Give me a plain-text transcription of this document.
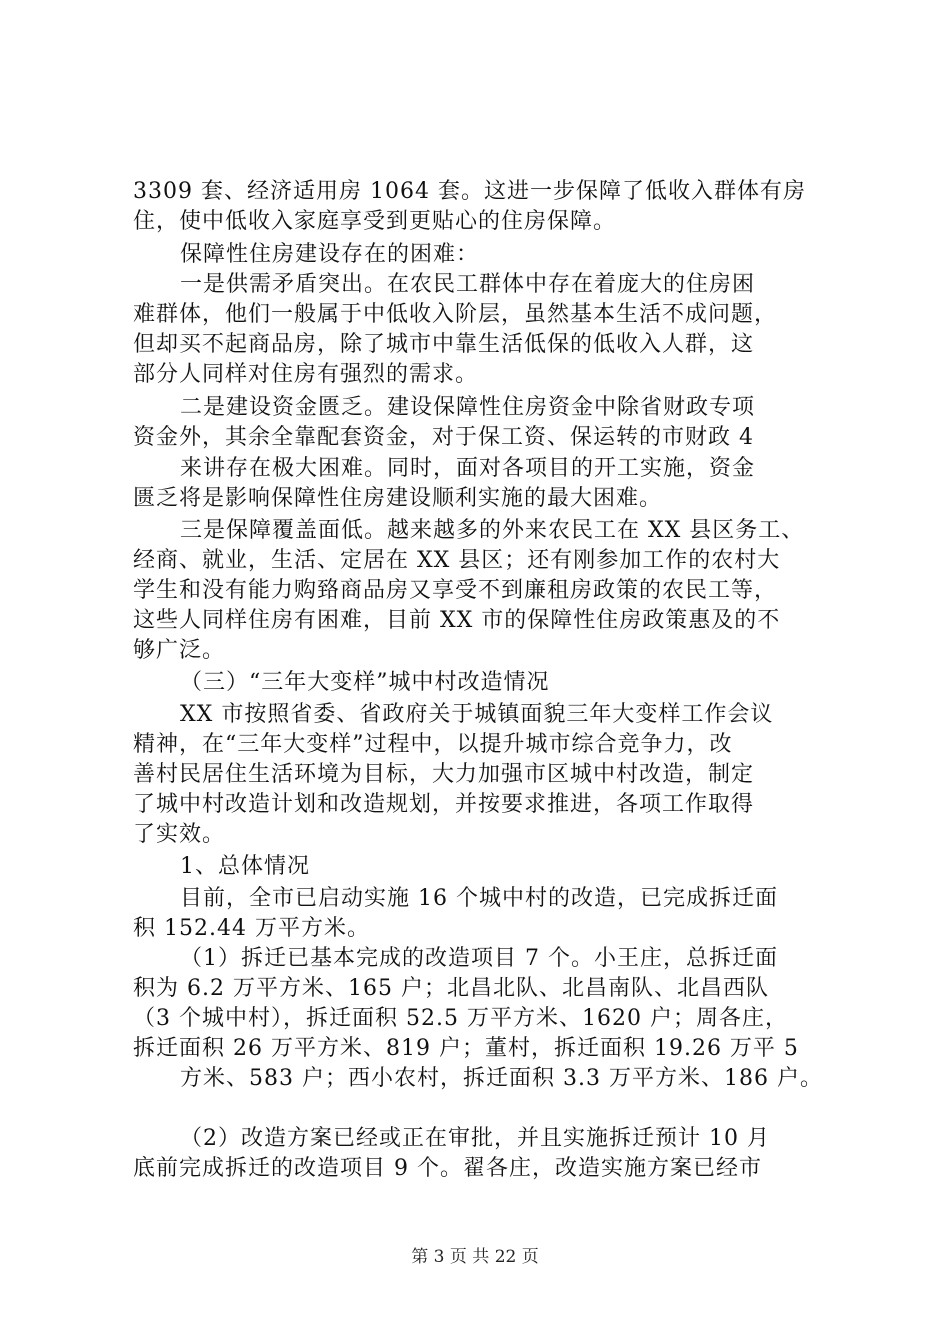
3309 套、经济适用房 1064 套。这进一步保障了低收入群体有房
住，使中低收入家庭享受到更贴心的住房保障。
保障性住房建设存在的困难：
一是供需矛盾突出。在农民工群体中存在着庞大的住房困
难群体，他们一般属于中低收入阶层，虽然基本生活不成问题，
但却买不起商品房，除了城市中靠生活低保的低收入人群，这
部分人同样对住房有强烈的需求。
二是建设资金匮乏。建设保障性住房资金中除省财政专项
资金外，其余全靠配套资金，对于保工资、保运转的市财政 4
来讲存在极大困难。同时，面对各项目的开工实施，资金
匮乏将是影响保障性住房建设顺利实施的最大困难。
三是保障覆盖面低。越来越多的外来农民工在 XX 县区务工、
经商、就业，生活、定居在 XX 县区；还有刚参加工作的农村大
学生和没有能力购臵商品房又享受不到廉租房政策的农民工等，
这些人同样住房有困难，目前 XX 市的保障性住房政策惠及的不
够广泛。
（三）“三年大变样”城中村改造情况
XX 市按照省委、省政府关于城镇面貌三年大变样工作会议
精神，在“三年大变样”过程中，以提升城市综合竞争力，改
善村民居住生活环境为目标，大力加强市区城中村改造，制定
了城中村改造计划和改造规划，并按要求推进，各项工作取得
了实效。
1、总体情况
目前，全市已启动实施 16 个城中村的改造，已完成拆迁面
积 152.44 万平方米。
（1）拆迁已基本完成的改造项目 7 个。小王庄，总拆迁面
积为 6.2 万平方米、165 户；北昌北队、北昌南队、北昌西队
（3 个城中村），拆迁面积 52.5 万平方米、1620 户；周各庄，
拆迁面积 26 万平方米、819 户；董村，拆迁面积 19.26 万平 5
方米、583 户；西小农村，拆迁面积 3.3 万平方米、186 户。
（2）改造方案已经或正在审批，并且实施拆迁预计 10 月
底前完成拆迁的改造项目 9 个。翟各庄，改造实施方案已经市
第 3 页 共 22 页
